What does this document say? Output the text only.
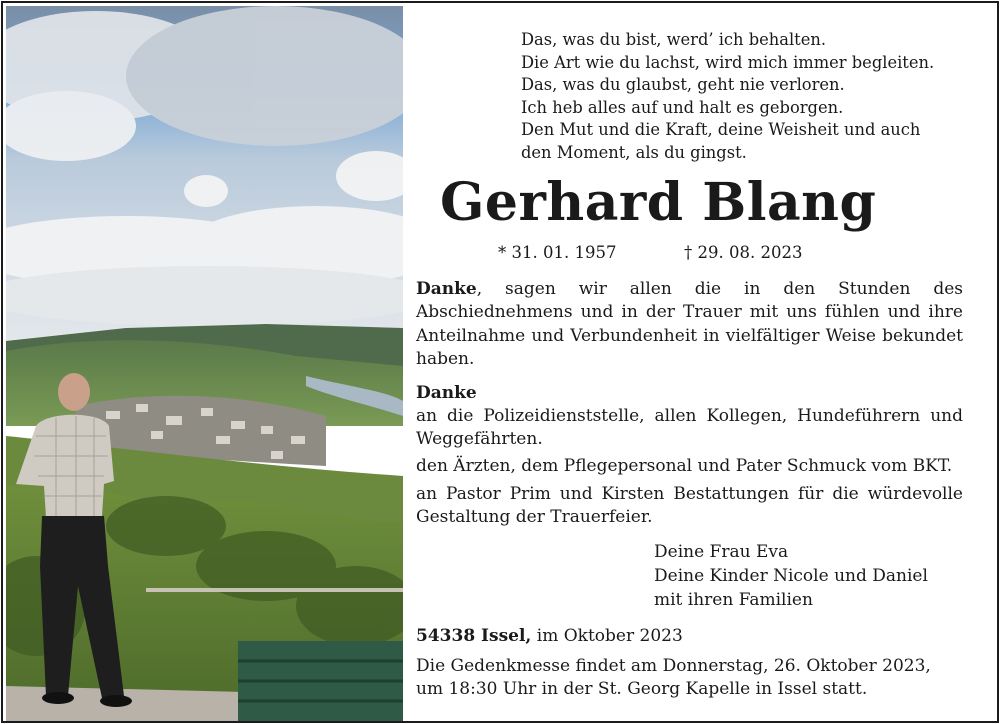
Das, was du bist, werd’ ich behalten.
Die Art wie du lachst, wird mich immer begleiten.
Das, was du glaubst, geht nie verloren.
Ich heb alles auf und halt es geborgen.
Den Mut und die Kraft, deine Weisheit und auch
den Moment, als du gingst.
Gerhard Blang
* 31. 01. 1957	† 29. 08. 2023
Danke, sagen wir allen die in den Stunden des Abschiednehmens und in der Trauer mit uns fühlen und ihre Anteilnahme und Verbundenheit in vielfältiger Weise bekundet haben.
Danke
an die Polizeidienststelle, allen Kollegen, Hundeführern und Weggefährten.
den Ärzten, dem Pflegepersonal und Pater Schmuck vom BKT.
an Pastor Prim und Kirsten Bestattungen für die würdevolle Gestaltung der Trauerfeier.
Deine Frau Eva
Deine Kinder Nicole und Daniel
mit ihren Familien
54338 Issel, im Oktober 2023
Die Gedenkmesse findet am Donnerstag, 26. Oktober 2023, um 18:30 Uhr in der St. Georg Kapelle in Issel statt.
